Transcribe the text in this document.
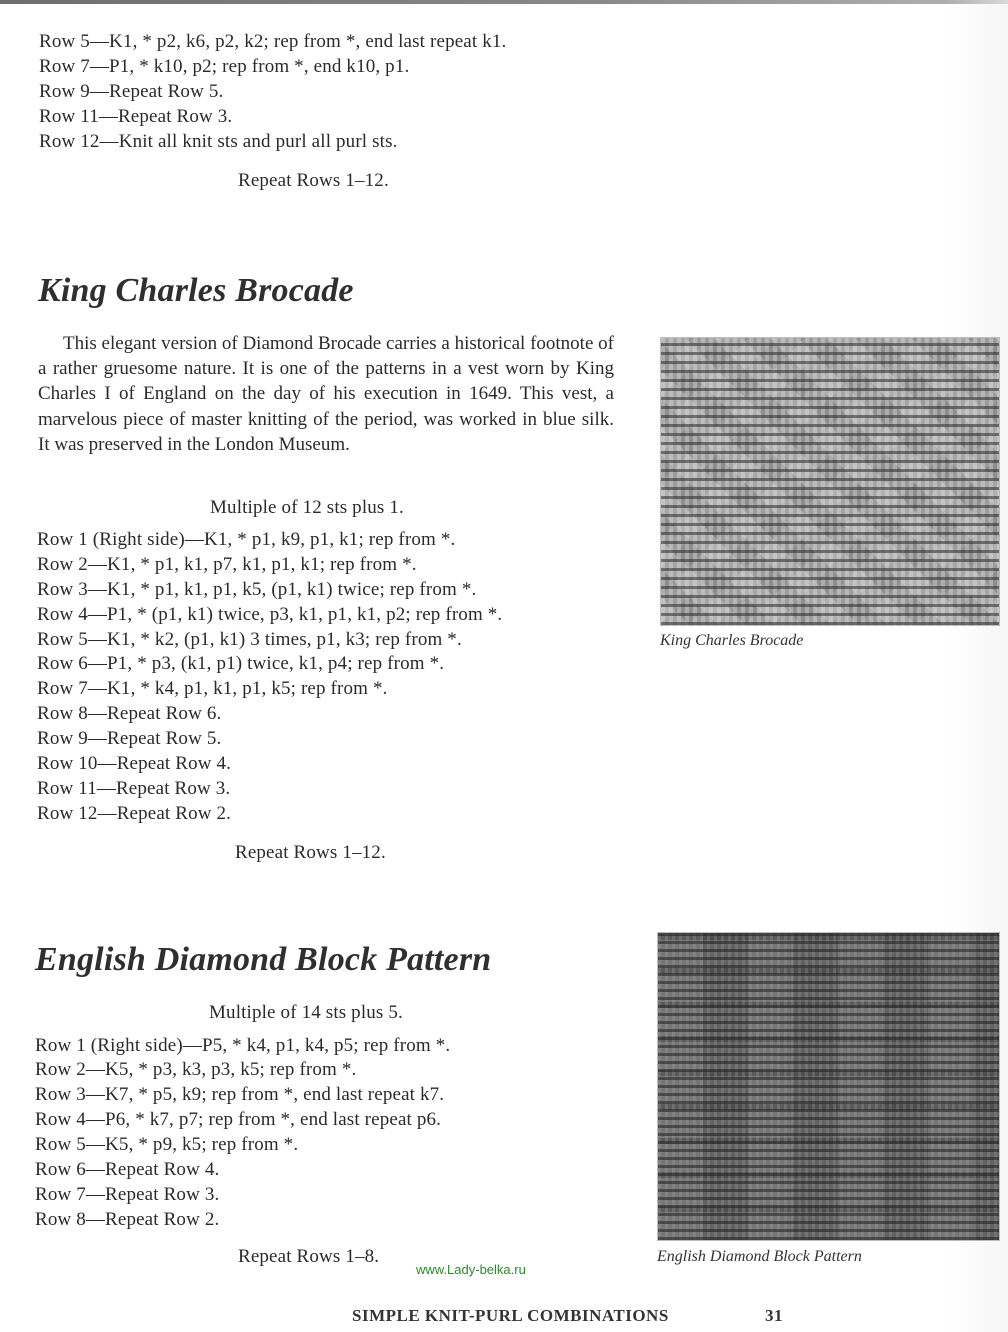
Row 5—K1, * p2, k6, p2, k2; rep from *, end last repeat k1.
Row 7—P1, * k10, p2; rep from *, end k10, p1.
Row 9—Repeat Row 5.
Row 11—Repeat Row 3.
Row 12—Knit all knit sts and purl all purl sts.
Repeat Rows 1–12.
King Charles Brocade
This elegant version of Diamond Brocade carries a historical footnote of a rather gruesome nature. It is one of the patterns in a vest worn by King Charles I of England on the day of his execution in 1649. This vest, a marvelous piece of master knitting of the period, was worked in blue silk. It was preserved in the London Museum.
Multiple of 12 sts plus 1.
Row 1 (Right side)—K1, * p1, k9, p1, k1; rep from *.
Row 2—K1, * p1, k1, p7, k1, p1, k1; rep from *.
Row 3—K1, * p1, k1, p1, k5, (p1, k1) twice; rep from *.
Row 4—P1, * (p1, k1) twice, p3, k1, p1, k1, p2; rep from *.
Row 5—K1, * k2, (p1, k1) 3 times, p1, k3; rep from *.
Row 6—P1, * p3, (k1, p1) twice, k1, p4; rep from *.
Row 7—K1, * k4, p1, k1, p1, k5; rep from *.
Row 8—Repeat Row 6.
Row 9—Repeat Row 5.
Row 10—Repeat Row 4.
Row 11—Repeat Row 3.
Row 12—Repeat Row 2.
Repeat Rows 1–12.
King Charles Brocade
English Diamond Block Pattern
Multiple of 14 sts plus 5.
Row 1 (Right side)—P5, * k4, p1, k4, p5; rep from *.
Row 2—K5, * p3, k3, p3, k5; rep from *.
Row 3—K7, * p5, k9; rep from *, end last repeat k7.
Row 4—P6, * k7, p7; rep from *, end last repeat p6.
Row 5—K5, * p9, k5; rep from *.
Row 6—Repeat Row 4.
Row 7—Repeat Row 3.
Row 8—Repeat Row 2.
Repeat Rows 1–8.	English Diamond Block Pattern
www.Lady-belka.ru
SIMPLE KNIT-PURL COMBINATIONS	31
